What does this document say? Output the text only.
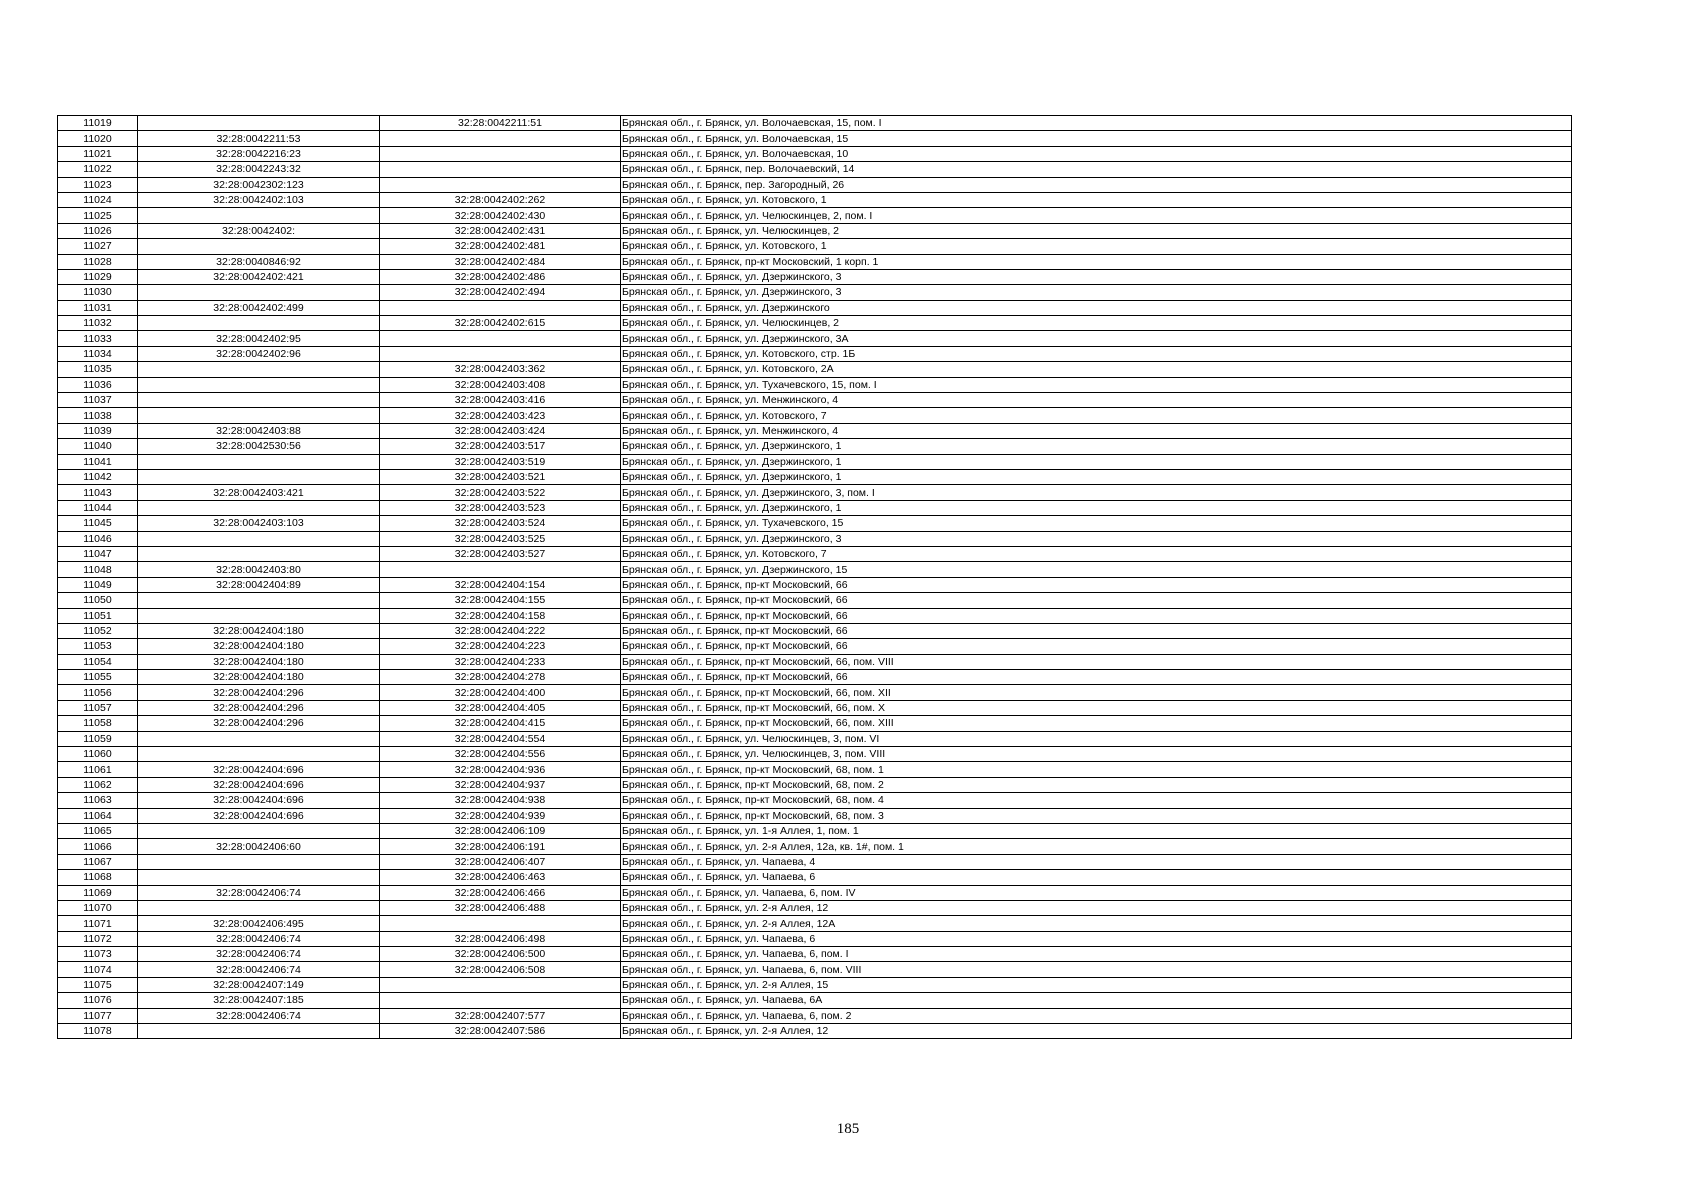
11019		32:28:0042211:51	Брянская обл., г. Брянск, ул. Волочаевская, 15, пом. I
11020	32:28:0042211:53		Брянская обл., г. Брянск, ул. Волочаевская, 15
11021	32:28:0042216:23		Брянская обл., г. Брянск, ул. Волочаевская, 10
11022	32:28:0042243:32		Брянская обл., г. Брянск, пер. Волочаевский, 14
11023	32:28:0042302:123		Брянская обл., г. Брянск, пер. Загородный, 26
11024	32:28:0042402:103	32:28:0042402:262	Брянская обл., г. Брянск, ул. Котовского, 1
11025		32:28:0042402:430	Брянская обл., г. Брянск, ул. Челюскинцев, 2, пом. I
11026	32:28:0042402:	32:28:0042402:431	Брянская обл., г. Брянск, ул. Челюскинцев, 2
11027		32:28:0042402:481	Брянская обл., г. Брянск, ул. Котовского, 1
11028	32:28:0040846:92	32:28:0042402:484	Брянская обл., г. Брянск, пр-кт Московский, 1 корп. 1
11029	32:28:0042402:421	32:28:0042402:486	Брянская обл., г. Брянск, ул. Дзержинского, 3
11030		32:28:0042402:494	Брянская обл., г. Брянск, ул. Дзержинского, 3
11031	32:28:0042402:499		Брянская обл., г. Брянск, ул. Дзержинского
11032		32:28:0042402:615	Брянская обл., г. Брянск, ул. Челюскинцев, 2
11033	32:28:0042402:95		Брянская обл., г. Брянск, ул. Дзержинского, 3А
11034	32:28:0042402:96		Брянская обл., г. Брянск, ул. Котовского, стр. 1Б
11035		32:28:0042403:362	Брянская обл., г. Брянск, ул. Котовского, 2А
11036		32:28:0042403:408	Брянская обл., г. Брянск, ул. Тухачевского, 15, пом. I
11037		32:28:0042403:416	Брянская обл., г. Брянск, ул. Менжинского, 4
11038		32:28:0042403:423	Брянская обл., г. Брянск, ул. Котовского, 7
11039	32:28:0042403:88	32:28:0042403:424	Брянская обл., г. Брянск, ул. Менжинского, 4
11040	32:28:0042530:56	32:28:0042403:517	Брянская обл., г. Брянск, ул. Дзержинского, 1
11041		32:28:0042403:519	Брянская обл., г. Брянск, ул. Дзержинского, 1
11042		32:28:0042403:521	Брянская обл., г. Брянск, ул. Дзержинского, 1
11043	32:28:0042403:421	32:28:0042403:522	Брянская обл., г. Брянск, ул. Дзержинского, 3, пом. I
11044		32:28:0042403:523	Брянская обл., г. Брянск, ул. Дзержинского, 1
11045	32:28:0042403:103	32:28:0042403:524	Брянская обл., г. Брянск, ул. Тухачевского, 15
11046		32:28:0042403:525	Брянская обл., г. Брянск, ул. Дзержинского, 3
11047		32:28:0042403:527	Брянская обл., г. Брянск, ул. Котовского, 7
11048	32:28:0042403:80		Брянская обл., г. Брянск, ул. Дзержинского, 15
11049	32:28:0042404:89	32:28:0042404:154	Брянская обл., г. Брянск, пр-кт Московский, 66
11050		32:28:0042404:155	Брянская обл., г. Брянск, пр-кт Московский, 66
11051		32:28:0042404:158	Брянская обл., г. Брянск, пр-кт Московский, 66
11052	32:28:0042404:180	32:28:0042404:222	Брянская обл., г. Брянск, пр-кт Московский, 66
11053	32:28:0042404:180	32:28:0042404:223	Брянская обл., г. Брянск, пр-кт Московский, 66
11054	32:28:0042404:180	32:28:0042404:233	Брянская обл., г. Брянск, пр-кт Московский, 66, пом. VIII
11055	32:28:0042404:180	32:28:0042404:278	Брянская обл., г. Брянск, пр-кт Московский, 66
11056	32:28:0042404:296	32:28:0042404:400	Брянская обл., г. Брянск, пр-кт Московский, 66, пом. XII
11057	32:28:0042404:296	32:28:0042404:405	Брянская обл., г. Брянск, пр-кт Московский, 66, пом. X
11058	32:28:0042404:296	32:28:0042404:415	Брянская обл., г. Брянск, пр-кт Московский, 66, пом. XIII
11059		32:28:0042404:554	Брянская обл., г. Брянск, ул. Челюскинцев, 3, пом. VI
11060		32:28:0042404:556	Брянская обл., г. Брянск, ул. Челюскинцев, 3, пом. VIII
11061	32:28:0042404:696	32:28:0042404:936	Брянская обл., г. Брянск, пр-кт Московский, 68, пом. 1
11062	32:28:0042404:696	32:28:0042404:937	Брянская обл., г. Брянск, пр-кт Московский, 68, пом. 2
11063	32:28:0042404:696	32:28:0042404:938	Брянская обл., г. Брянск, пр-кт Московский, 68, пом. 4
11064	32:28:0042404:696	32:28:0042404:939	Брянская обл., г. Брянск, пр-кт Московский, 68, пом. 3
11065		32:28:0042406:109	Брянская обл., г. Брянск, ул. 1-я Аллея, 1, пом. 1
11066	32:28:0042406:60	32:28:0042406:191	Брянская обл., г. Брянск, ул. 2-я Аллея, 12а, кв. 1#, пом. 1
11067		32:28:0042406:407	Брянская обл., г. Брянск, ул. Чапаева, 4
11068		32:28:0042406:463	Брянская обл., г. Брянск, ул. Чапаева, 6
11069	32:28:0042406:74	32:28:0042406:466	Брянская обл., г. Брянск, ул. Чапаева, 6, пом. IV
11070		32:28:0042406:488	Брянская обл., г. Брянск, ул. 2-я Аллея, 12
11071	32:28:0042406:495		Брянская обл., г. Брянск, ул. 2-я Аллея, 12А
11072	32:28:0042406:74	32:28:0042406:498	Брянская обл., г. Брянск, ул. Чапаева, 6
11073	32:28:0042406:74	32:28:0042406:500	Брянская обл., г. Брянск, ул. Чапаева, 6, пом. I
11074	32:28:0042406:74	32:28:0042406:508	Брянская обл., г. Брянск, ул. Чапаева, 6, пом. VIII
11075	32:28:0042407:149		Брянская обл., г. Брянск, ул. 2-я Аллея, 15
11076	32:28:0042407:185		Брянская обл., г. Брянск, ул. Чапаева, 6А
11077	32:28:0042406:74	32:28:0042407:577	Брянская обл., г. Брянск, ул. Чапаева, 6, пом. 2
11078		32:28:0042407:586	Брянская обл., г. Брянск, ул. 2-я Аллея, 12
185
